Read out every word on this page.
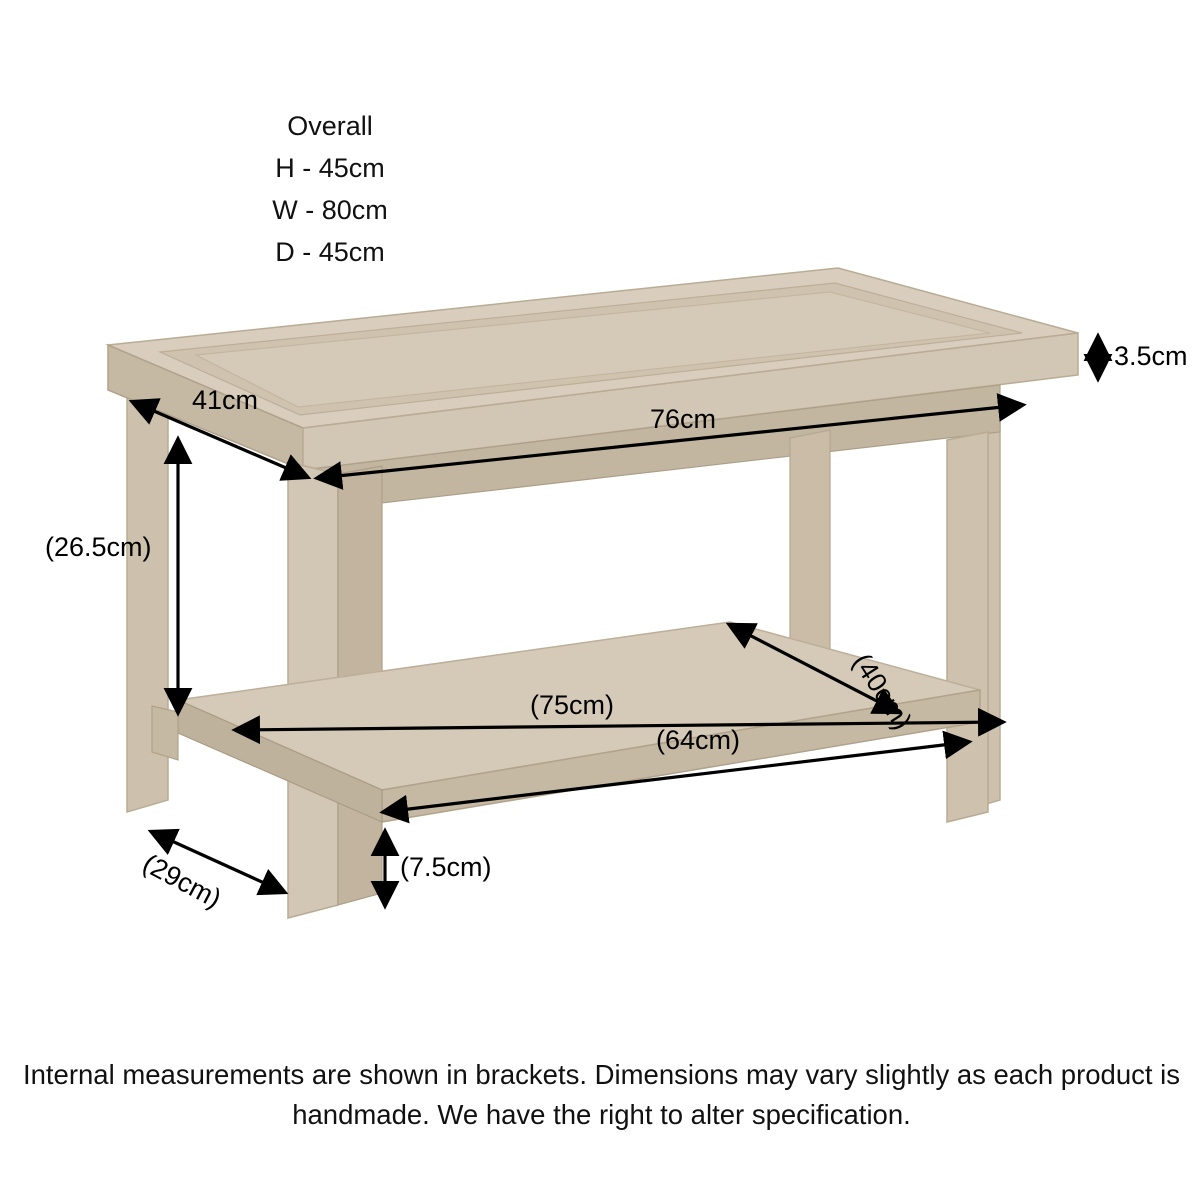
Overall
H - 45cm
W - 80cm
D - 45cm
3.5cm
41cm
76cm
(26.5cm)
(40cm)
(75cm)
(64cm)
(29cm)	(7.5cm)
Internal measurements are shown in brackets. Dimensions may vary slightly as each product is handmade. We have the right to alter specification.
